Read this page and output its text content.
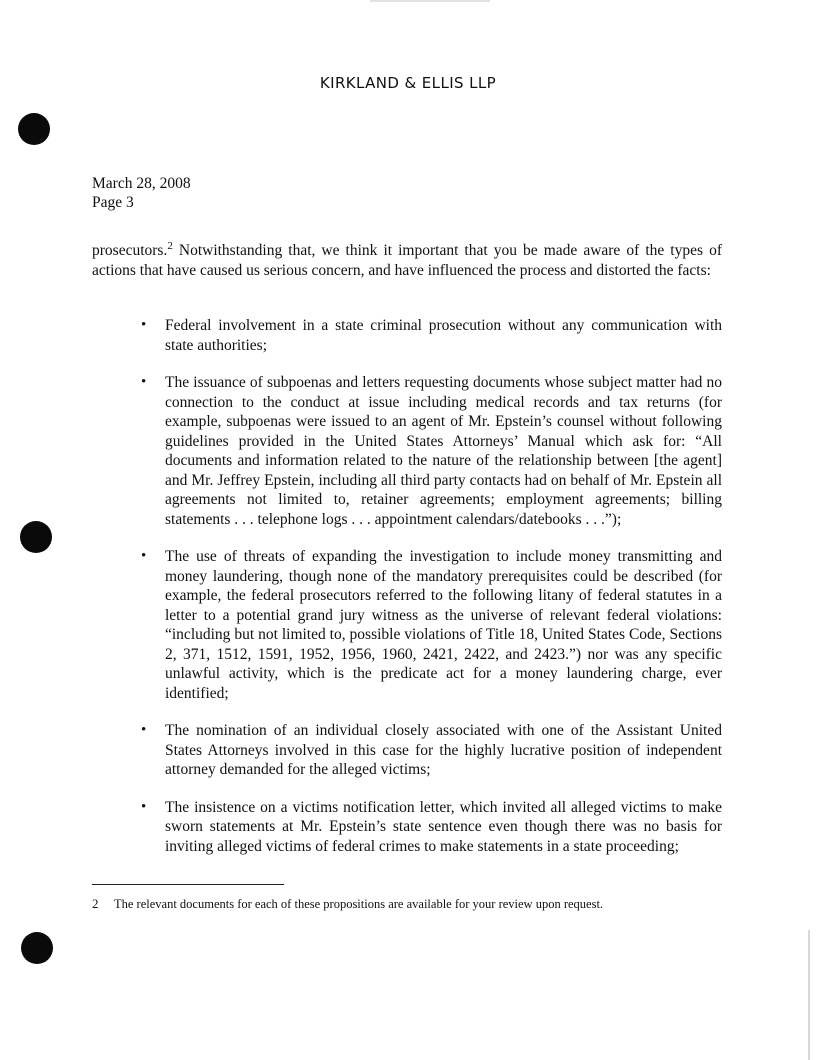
KIRKLAND & ELLIS LLP
March 28, 2008
Page 3

prosecutors.$^2$ Notwithstanding that, we think it important that you be made aware of the types of actions that have caused us serious concern, and have influenced the process and distorted the facts:

• Federal involvement in a state criminal prosecution without any communication with state authorities;
• The issuance of subpoenas and letters requesting documents whose subject matter had no connection to the conduct at issue including medical records and tax returns (for example, subpoenas were issued to an agent of Mr. Epstein’s counsel without following guidelines provided in the United States Attorneys’ Manual which ask for: “All documents and information related to the nature of the relationship between [the agent] and Mr. Jeffrey Epstein, including all third party contacts had on behalf of Mr. Epstein all agreements not limited to, retainer agreements; employment agreements; billing statements . . . telephone logs . . . appointment calendars/datebooks . . .”);
• The use of threats of expanding the investigation to include money transmitting and money laundering, though none of the mandatory prerequisites could be described (for example, the federal prosecutors referred to the following litany of federal statutes in a letter to a potential grand jury witness as the universe of relevant federal violations: “including but not limited to, possible violations of Title 18, United States Code, Sections 2, 371, 1512, 1591, 1952, 1956, 1960, 2421, 2422, and 2423.”) nor was any specific unlawful activity, which is the predicate act for a money laundering charge, ever identified;
• The nomination of an individual closely associated with one of the Assistant United States Attorneys involved in this case for the highly lucrative position of independent attorney demanded for the alleged victims;
• The insistence on a victims notification letter, which invited all alleged victims to make sworn statements at Mr. Epstein’s state sentence even though there was no basis for inviting alleged victims of federal crimes to make statements in a state proceeding;
2 The relevant documents for each of these propositions are available for your review upon request.
